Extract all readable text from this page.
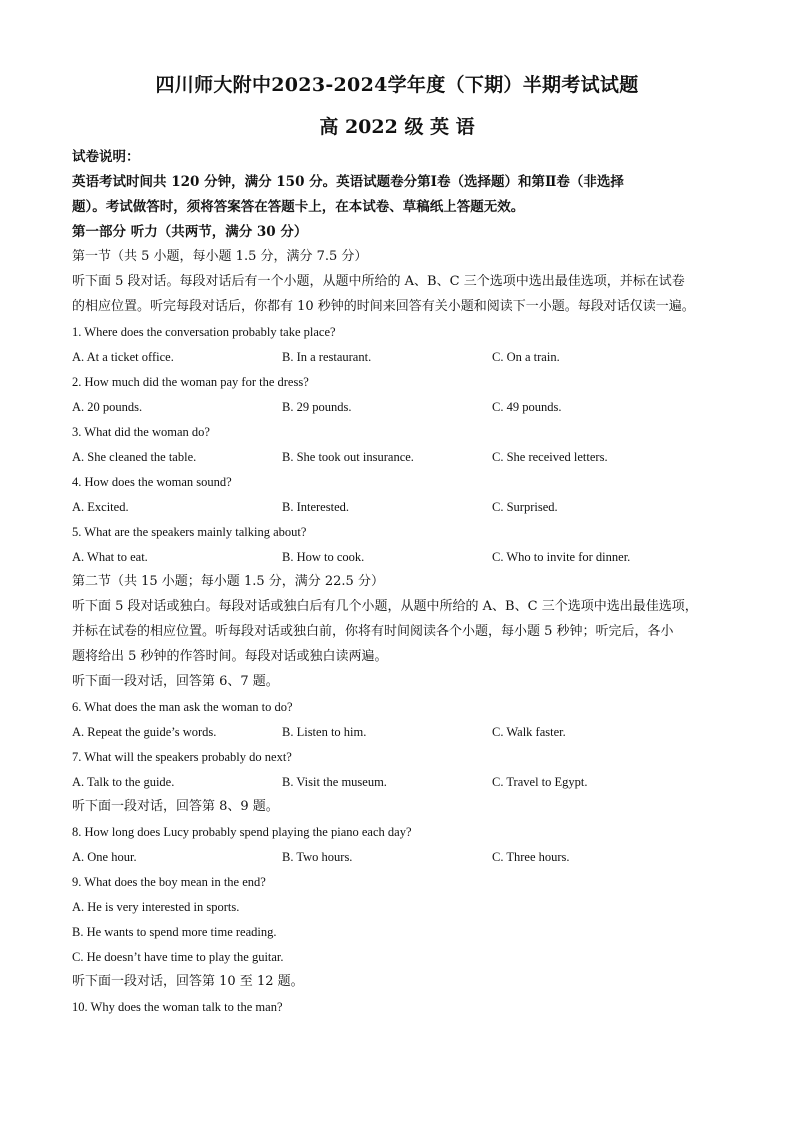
四川师大附中2023-2024学年度（下期）半期考试试题
高 2022 级 英 语
试卷说明：
英语考试时间共 120 分钟，满分 150 分。英语试题卷分第Ⅰ卷（选择题）和第Ⅱ卷（非选择
题）。考试做答时，须将答案答在答题卡上，在本试卷、草稿纸上答题无效。
第一部分 听力（共两节，满分 30 分）
第一节（共 5 小题，每小题 1.5 分，满分 7.5 分）
听下面 5 段对话。每段对话后有一个小题，从题中所给的 A、B、C 三个选项中选出最佳选项，并标在试卷
的相应位置。听完每段对话后，你都有 10 秒钟的时间来回答有关小题和阅读下一小题。每段对话仅读一遍。
1. Where does the conversation probably take place?
A. At a ticket office.	B. In a restaurant.	C. On a train.
2. How much did the woman pay for the dress?
A. 20 pounds.	B. 29 pounds.	C. 49 pounds.
3. What did the woman do?
A. She cleaned the table.	B. She took out insurance.	C. She received letters.
4. How does the woman sound?
A. Excited.	B. Interested.	C. Surprised.
5. What are the speakers mainly talking about?
A. What to eat.	B. How to cook.	C. Who to invite for dinner.
第二节（共 15 小题；每小题 1.5 分，满分 22.5 分）
听下面 5 段对话或独白。每段对话或独白后有几个小题，从题中所给的 A、B、C 三个选项中选出最佳选项，
并标在试卷的相应位置。听每段对话或独白前，你将有时间阅读各个小题，每小题 5 秒钟；听完后，各小
题将给出 5 秒钟的作答时间。每段对话或独白读两遍。
听下面一段对话，回答第 6、7 题。
6. What does the man ask the woman to do?
A. Repeat the guide’s words.	B. Listen to him.	C. Walk faster.
7. What will the speakers probably do next?
A. Talk to the guide.	B. Visit the museum.	C. Travel to Egypt.
听下面一段对话，回答第 8、9 题。
8. How long does Lucy probably spend playing the piano each day?
A. One hour.	B. Two hours.	C. Three hours.
9. What does the boy mean in the end?
A. He is very interested in sports.
B. He wants to spend more time reading.
C. He doesn’t have time to play the guitar.
听下面一段对话，回答第 10 至 12 题。
10. Why does the woman talk to the man?
